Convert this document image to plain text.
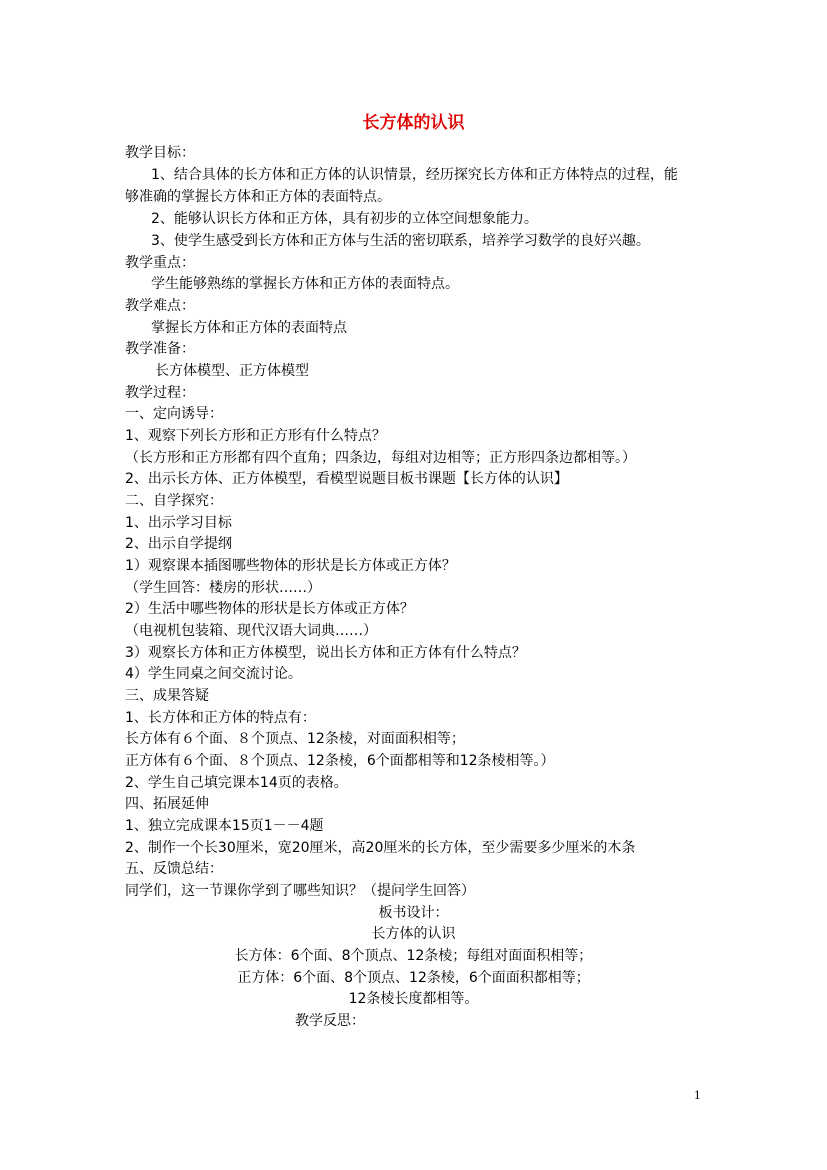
长方体的认识
教学目标：
1、结合具体的长方体和正方体的认识情景，经历探究长方体和正方体特点的过程，能
够准确的掌握长方体和正方体的表面特点。
2、能够认识长方体和正方体，具有初步的立体空间想象能力。
3、使学生感受到长方体和正方体与生活的密切联系，培养学习数学的良好兴趣。
教学重点：
学生能够熟练的掌握长方体和正方体的表面特点。
教学难点：
掌握长方体和正方体的表面特点
教学准备：
长方体模型、正方体模型
教学过程：
一、定向诱导：
1、观察下列长方形和正方形有什么特点？
（长方形和正方形都有四个直角；四条边，每组对边相等；正方形四条边都相等。）
2、出示长方体、正方体模型，看模型说题目板书课题【长方体的认识】
二、自学探究：
1、出示学习目标
2、出示自学提纲
1）观察课本插图哪些物体的形状是长方体或正方体？
（学生回答：楼房的形状……）
2）生活中哪些物体的形状是长方体或正方体？
（电视机包装箱、现代汉语大词典……）
3）观察长方体和正方体模型，说出长方体和正方体有什么特点？
4）学生同桌之间交流讨论。
三、成果答疑
1、长方体和正方体的特点有：
长方体有６个面、８个顶点、12条棱，对面面积相等；
正方体有６个面、８个顶点、12条棱，6个面都相等和12条棱相等。）
2、学生自己填完课本14页的表格。
四、拓展延伸
1、独立完成课本15页1－－4题
2、制作一个长30厘米，宽20厘米，高20厘米的长方体，至少需要多少厘米的木条
五、反馈总结：
同学们，这一节课你学到了哪些知识？（提问学生回答）
板书设计：
长方体的认识
长方体：6个面、8个顶点、12条棱；每组对面面积相等；
正方体：6个面、8个顶点、12条棱，6个面面积都相等；
12条棱长度都相等。
教学反思：
1
